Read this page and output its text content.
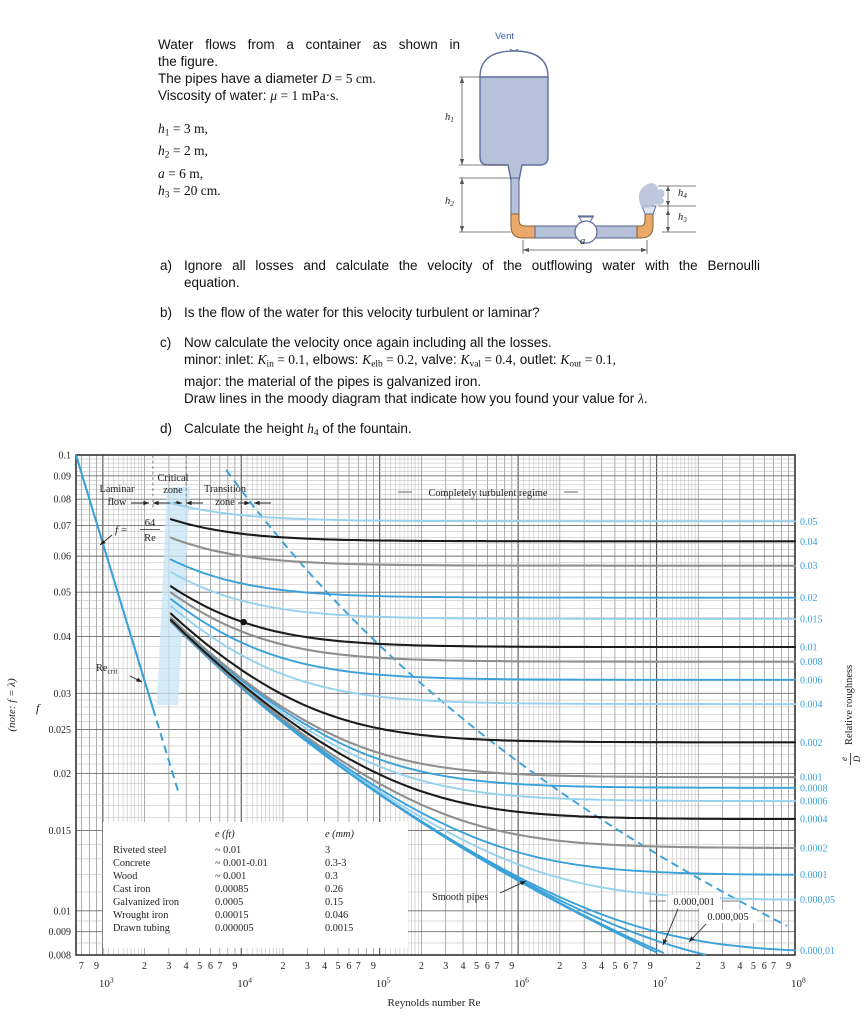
Water flows from a container as shown in
the figure.
The pipes have a diameter D = 5 cm.
Viscosity of water: μ = 1 mPa·s.
h1 = 3 m,
h2 = 2 m,
a = 6 m,
h3 = 20 cm.
Vent
h1
h2
a
h4
h3
a) Ignore all losses and calculate the velocity of the outflowing water with the Bernoulli
equation.
b) Is the flow of the water for this velocity turbulent or laminar?
c) Now calculate the velocity once again including all the losses.
minor: inlet: Kin = 0.1, elbows: Kelb = 0.2, valve: Kval = 0.4, outlet: Kout = 0.1,
major: the material of the pipes is galvanized iron.
Draw lines in the moody diagram that indicate how you found your value for λ.
d) Calculate the height h4 of the fountain.
Laminar
flow
Critical
zone Transition
zone
Completely turbulent regime
e (ft)	e (mm)
Riveted steel	~ 0.01	3
Concrete	~ 0.001-0.01	0.3-3
Wood	~ 0.001	0.3
Cast iron	0.00085	0.26
Galvanized iron	0.0005	0.15
Wrought iron	0.00015	0.046
Drawn tubing	0.000005	0.0015
f =
64
Re
$Re_{crit}$
Smooth pipes	0.000,001
0.000,005
0.1
0.09
0.08
0.07
0.06
0.05
0.04
0.03
0.025
0.02
0.015
0.01
0.009
0.008
7 9	2 3 4 5 6 7 9	2 3 4 5 6 7 9	2 3 4 5 6 7 9	2 3 4 5 6 7 9	2 3 4 5 6 7 9
$10^3$	$10^4$	$10^5$	$10^6$	$10^7$	$10^8$
Reynolds number Re
0.05
0.04
0.03
0.02
0.015
0.01
0.008
0.006
0.004
0.002
0.001
0.0008
0.0006
0.0004
0.0002
0.0001
0.000,05
0.000,01
e D
Relative roughness
f
(note: f = λ)
